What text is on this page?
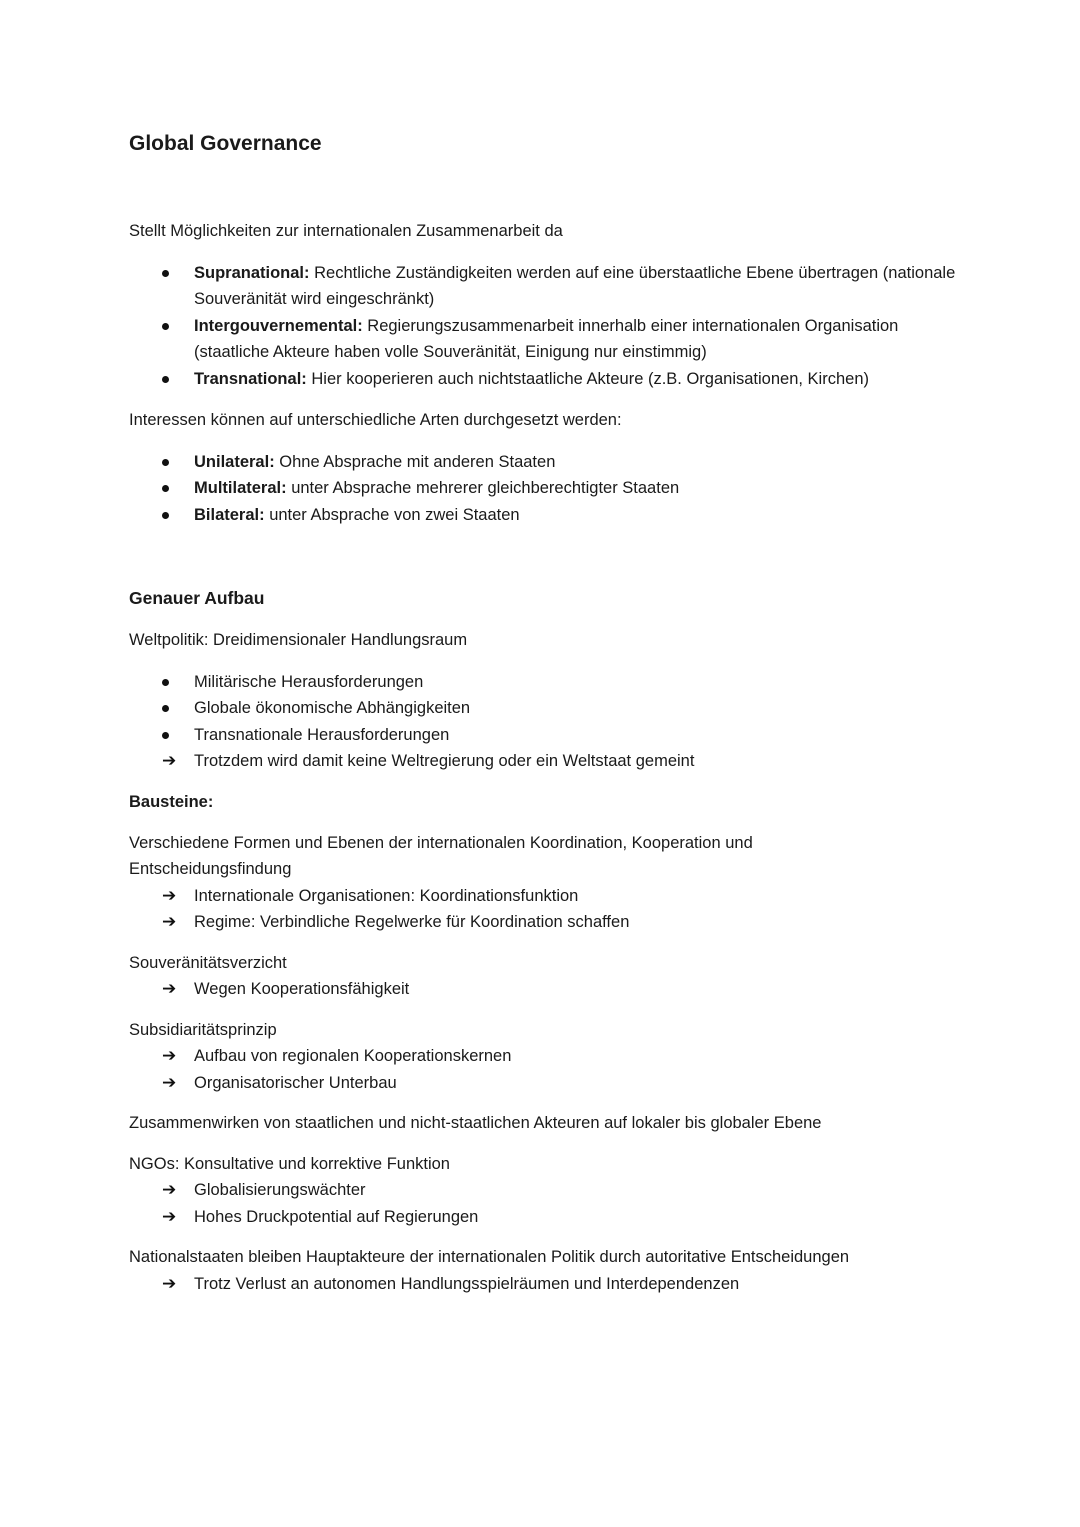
Global Governance

Stellt Möglichkeiten zur internationalen Zusammenarbeit da

Supranational: Rechtliche Zuständigkeiten werden auf eine überstaatliche Ebene übertragen (nationale Souveränität wird eingeschränkt)
Intergouvernemental: Regierungszusammenarbeit innerhalb einer internationalen Organisation (staatliche Akteure haben volle Souveränität, Einigung nur einstimmig)
Transnational: Hier kooperieren auch nichtstaatliche Akteure (z.B. Organisationen, Kirchen)

Interessen können auf unterschiedliche Arten durchgesetzt werden:

Unilateral: Ohne Absprache mit anderen Staaten
Multilateral: unter Absprache mehrerer gleichberechtigter Staaten
Bilateral: unter Absprache von zwei Staaten
Genauer Aufbau

Weltpolitik: Dreidimensionaler Handlungsraum

Militärische Herausforderungen
Globale ökonomische Abhängigkeiten
Transnationale Herausforderungen
➔ Trotzdem wird damit keine Weltregierung oder ein Weltstaat gemeint
Bausteine:

Verschiedene Formen und Ebenen der internationalen Koordination, Kooperation und Entscheidungsfindung

➔ Internationale Organisationen: Koordinationsfunktion
➔ Regime: Verbindliche Regelwerke für Koordination schaffen

Souveränitätsverzicht

➔ Wegen Kooperationsfähigkeit

Subsidiaritätsprinzip

➔ Aufbau von regionalen Kooperationskernen
➔ Organisatorischer Unterbau

Zusammenwirken von staatlichen und nicht-staatlichen Akteuren auf lokaler bis globaler Ebene

NGOs: Konsultative und korrektive Funktion

➔ Globalisierungswächter
➔ Hohes Druckpotential auf Regierungen

Nationalstaaten bleiben Hauptakteure der internationalen Politik durch autoritative Entscheidungen

➔ Trotz Verlust an autonomen Handlungsspielräumen und Interdependenzen
